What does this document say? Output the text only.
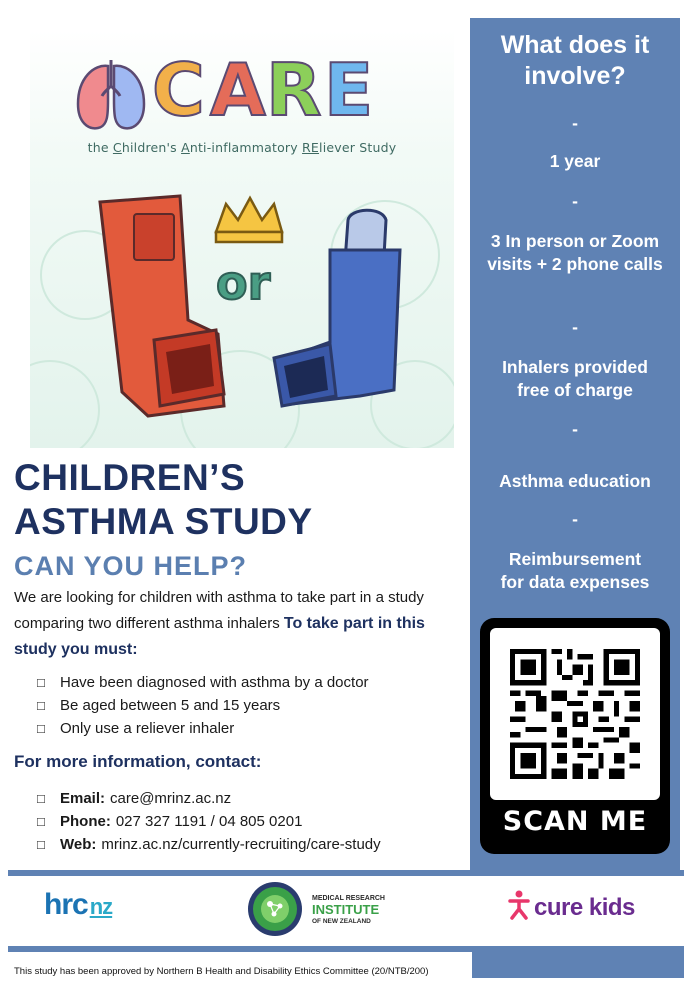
C A R E
the Children's Anti-inflammatory REliever Study
or
CHILDREN’S
ASTHMA STUDY
CAN YOU HELP?
We are looking for children with asthma to take part in a study comparing two different asthma inhalers To take part in this study you must:
☐ Have been diagnosed with asthma by a doctor
☐ Be aged between 5 and 15 years
☐ Only use a reliever inhaler
For more information, contact:
☐ Email: care@mrinz.ac.nz
☐ Phone: 027 327 1191 / 04 805 0201
☐ Web: mrinz.ac.nz/currently-recruiting/care-study
What does it involve?
-
1 year
-
3 In person or Zoom visits + 2 phone calls
-
Inhalers provided free of charge
-
Asthma education
-
Reimbursement for data expenses
SCAN ME
hrcnz	MEDICAL RESEARCH
INSTITUTE
OF NEW ZEALAND
cure kids
This study has been approved by Northern B Health and Disability Ethics Committee (20/NTB/200)
